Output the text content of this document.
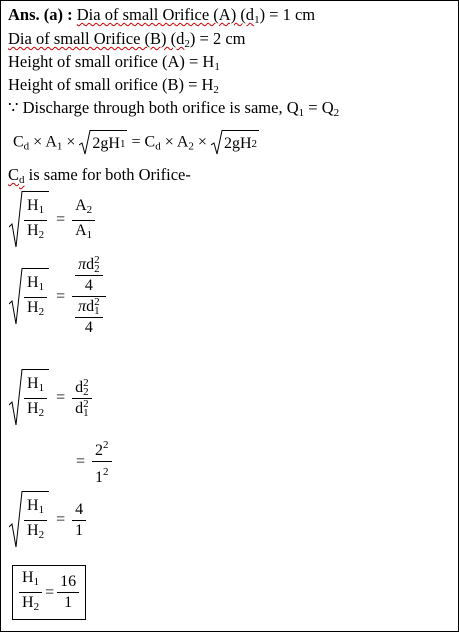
Ans. (a) : Dia of small Orifice (A) $(d_1) = 1$ cm
Dia of small Orifice (B) $(d_2) = 2$ cm
Height of small orifice $(A) = H_1$
Height of small orifice $(B) = H_2$
∵ Discharge through both orifice is same, $Q_1 = Q_2$
$C_d \times A_1 \times 2gH$ $1 = C_d \times A_2 \times 2gH$ 2
$C_d$ is same for both Orifice-
$\frac{H_1}{H_2} = \frac{A_2}{A_1}$
$\frac{H_1}{H_2} = \pi d$ 2
2
4
πd 2
1
4
$\frac{H_1}{H_2} = d$ 2
2
d 2
1
= $\frac{2^2}{1^2}$
$\frac{H_1}{H_2} = \frac{4}{1}$
$\frac{H_1}{H_2} = \frac{16}{1}$
